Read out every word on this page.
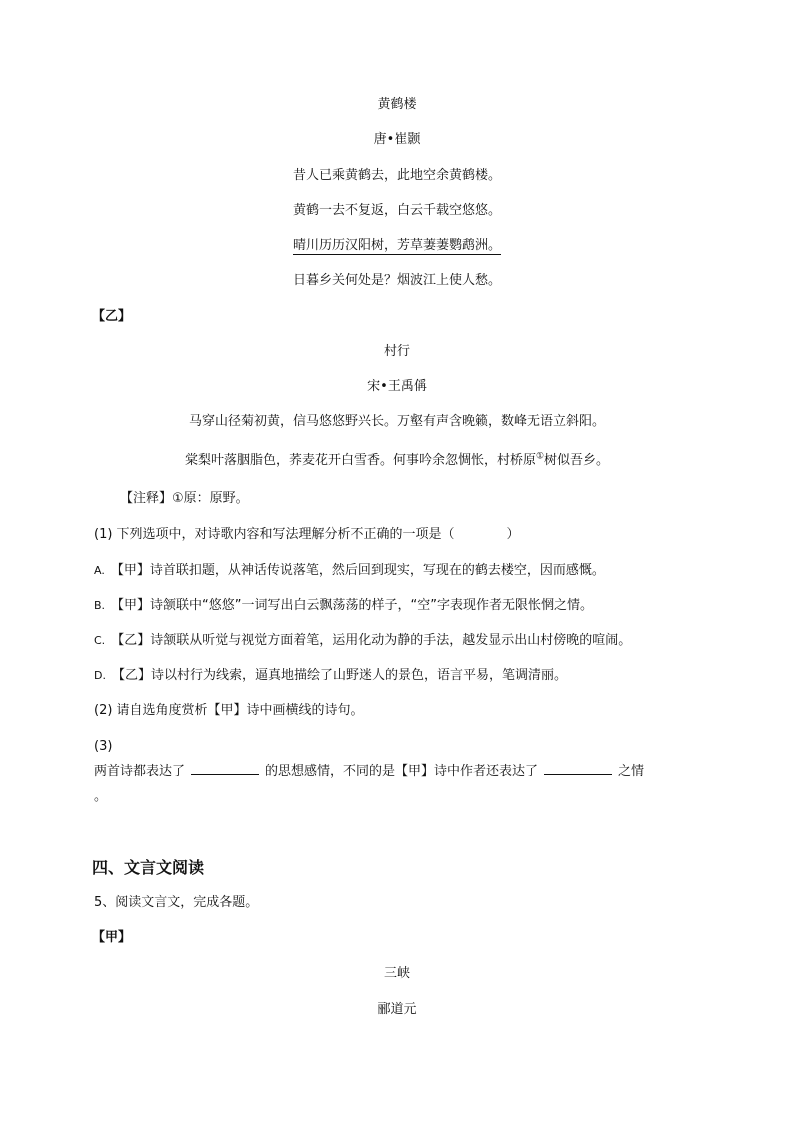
黄鹤楼
唐•崔颢
昔人已乘黄鹤去，此地空余黄鹤楼。
黄鹤一去不复返，白云千载空悠悠。
晴川历历汉阳树，芳草萋萋鹦鹉洲。
日暮乡关何处是？烟波江上使人愁。
【乙】
村行
宋•王禹偁
马穿山径菊初黄，信马悠悠野兴长。万壑有声含晚籁，数峰无语立斜阳。
棠梨叶落胭脂色，荞麦花开白雪香。何事吟余忽惆怅，村桥原①树似吾乡。
【注释】①原：原野。
(1) 下列选项中，对诗歌内容和写法理解分析不正确的一项是（　　　　）
A. 【甲】诗首联扣题，从神话传说落笔，然后回到现实，写现在的鹤去楼空，因而感慨。
B. 【甲】诗颔联中“悠悠”一词写出白云飘荡荡的样子，“空”字表现作者无限怅惘之情。
C. 【乙】诗颔联从听觉与视觉方面着笔，运用化动为静的手法，越发显示出山村傍晚的喧闹。
D. 【乙】诗以村行为线索，逼真地描绘了山野迷人的景色，语言平易，笔调清丽。
(2) 请自选角度赏析【甲】诗中画横线的诗句。
(3)
两首诗都表达了	的思想感情，不同的是【甲】诗中作者还表达了	之情
。
四、文言文阅读
5、阅读文言文，完成各题。
【甲】
三峡
郦道元
